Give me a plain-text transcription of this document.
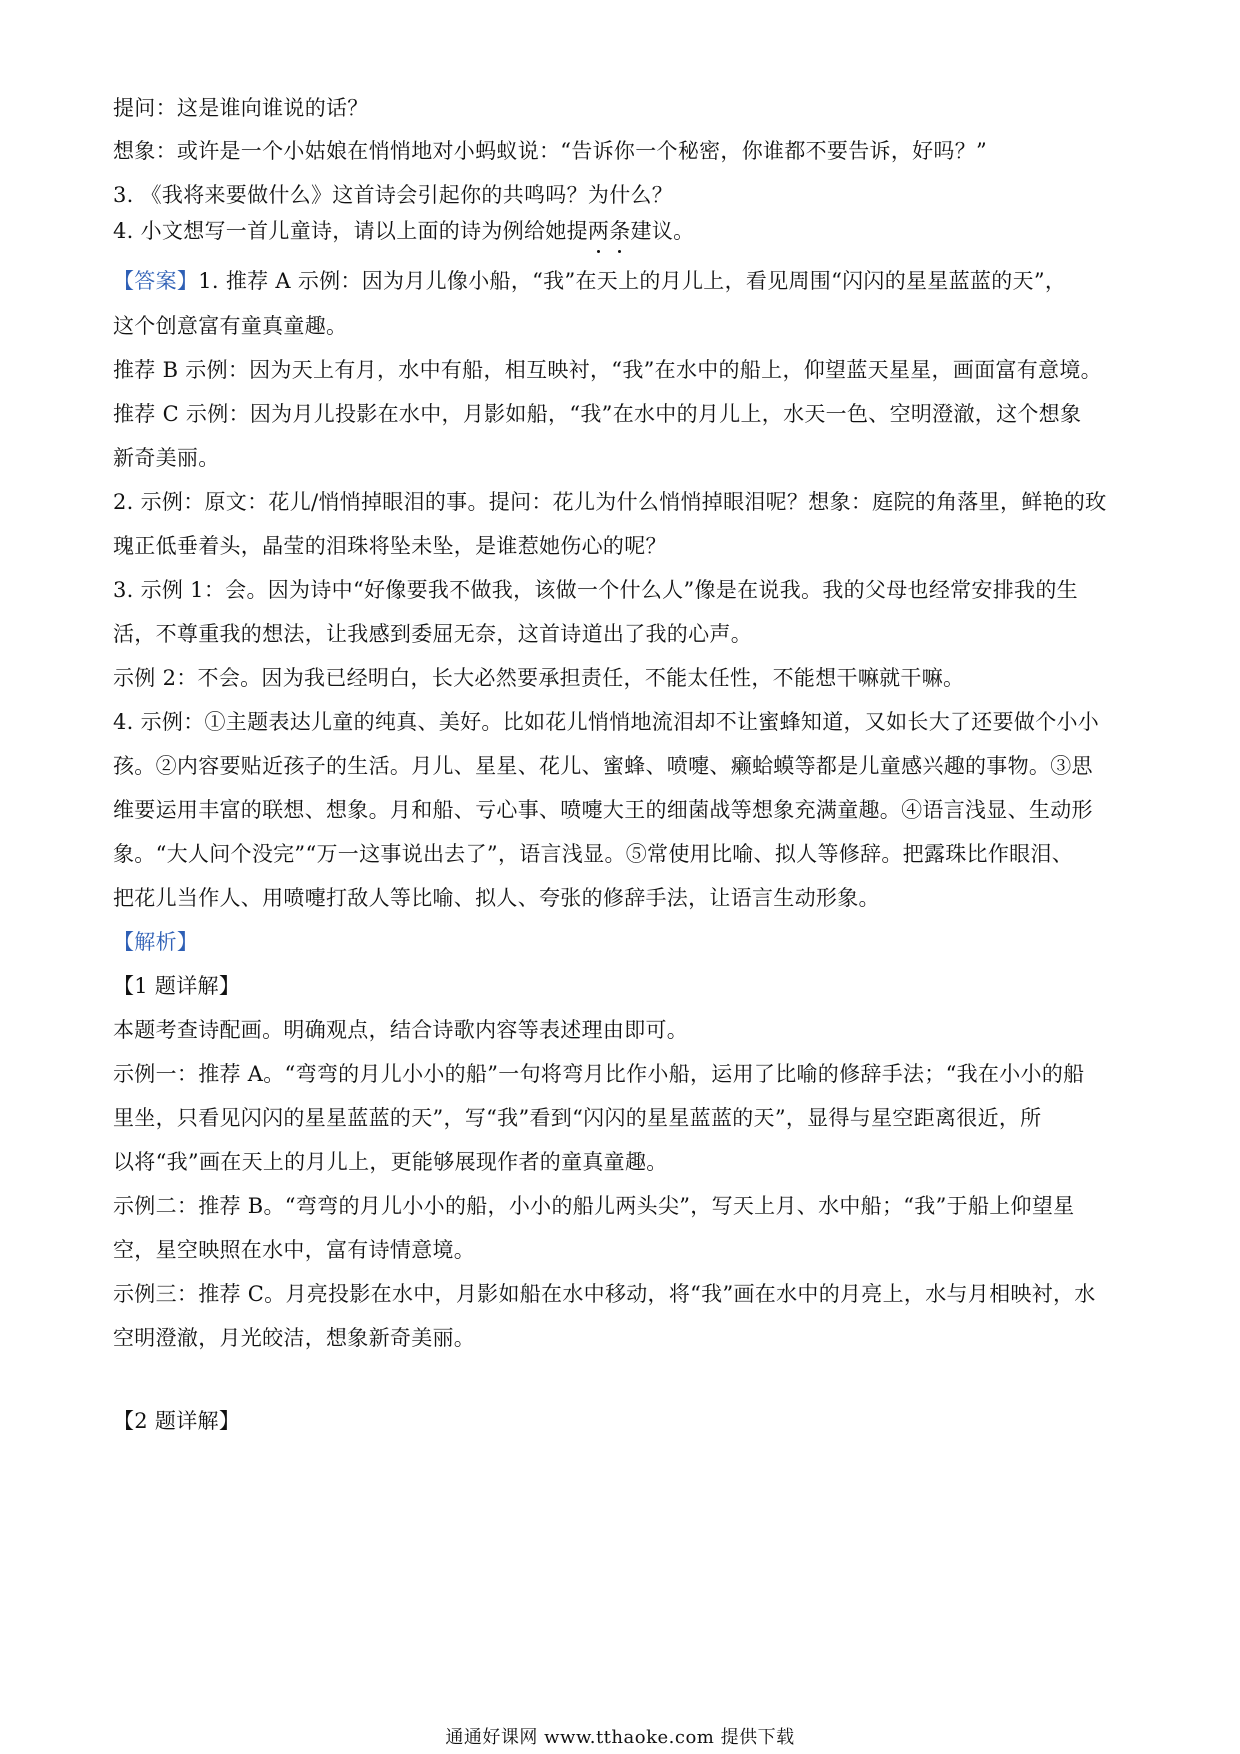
提问：这是谁向谁说的话？
想象：或许是一个小姑娘在悄悄地对小蚂蚁说：“告诉你一个秘密，你谁都不要告诉，好吗？”
3. 《我将来要做什么》这首诗会引起你的共鸣吗？为什么？
4. 小文想写一首儿童诗，请以上面的诗为例给她提两条建议。
【答案】1. 推荐 A 示例：因为月儿像小船，“我”在天上的月儿上，看见周围“闪闪的星星蓝蓝的天”，
这个创意富有童真童趣。
推荐 B 示例：因为天上有月，水中有船，相互映衬，“我”在水中的船上，仰望蓝天星星，画面富有意境。
推荐 C 示例：因为月儿投影在水中，月影如船，“我”在水中的月儿上，水天一色、空明澄澈，这个想象
新奇美丽。
2. 示例：原文：花儿/悄悄掉眼泪的事。提问：花儿为什么悄悄掉眼泪呢？想象：庭院的角落里，鲜艳的玫
瑰正低垂着头，晶莹的泪珠将坠未坠，是谁惹她伤心的呢？
3. 示例 1：会。因为诗中“好像要我不做我，该做一个什么人”像是在说我。我的父母也经常安排我的生
活，不尊重我的想法，让我感到委屈无奈，这首诗道出了我的心声。
示例 2：不会。因为我已经明白，长大必然要承担责任，不能太任性，不能想干嘛就干嘛。
4. 示例：①主题表达儿童的纯真、美好。比如花儿悄悄地流泪却不让蜜蜂知道，又如长大了还要做个小小
孩。②内容要贴近孩子的生活。月儿、星星、花儿、蜜蜂、喷嚏、癞蛤蟆等都是儿童感兴趣的事物。③思
维要运用丰富的联想、想象。月和船、亏心事、喷嚏大王的细菌战等想象充满童趣。④语言浅显、生动形
象。“大人问个没完”“万一这事说出去了”，语言浅显。⑤常使用比喻、拟人等修辞。把露珠比作眼泪、
把花儿当作人、用喷嚏打敌人等比喻、拟人、夸张的修辞手法，让语言生动形象。
【解析】
【1 题详解】
本题考查诗配画。明确观点，结合诗歌内容等表述理由即可。
示例一：推荐 A。“弯弯的月儿小小的船”一句将弯月比作小船，运用了比喻的修辞手法；“我在小小的船
里坐，只看见闪闪的星星蓝蓝的天”，写“我”看到“闪闪的星星蓝蓝的天”，显得与星空距离很近，所
以将“我”画在天上的月儿上，更能够展现作者的童真童趣。
示例二：推荐 B。“弯弯的月儿小小的船，小小的船儿两头尖”，写天上月、水中船；“我”于船上仰望星
空，星空映照在水中，富有诗情意境。
示例三：推荐 C。月亮投影在水中，月影如船在水中移动，将“我”画在水中的月亮上，水与月相映衬，水
空明澄澈，月光皎洁，想象新奇美丽。
【2 题详解】
通通好课网 www.tthaoke.com 提供下载
